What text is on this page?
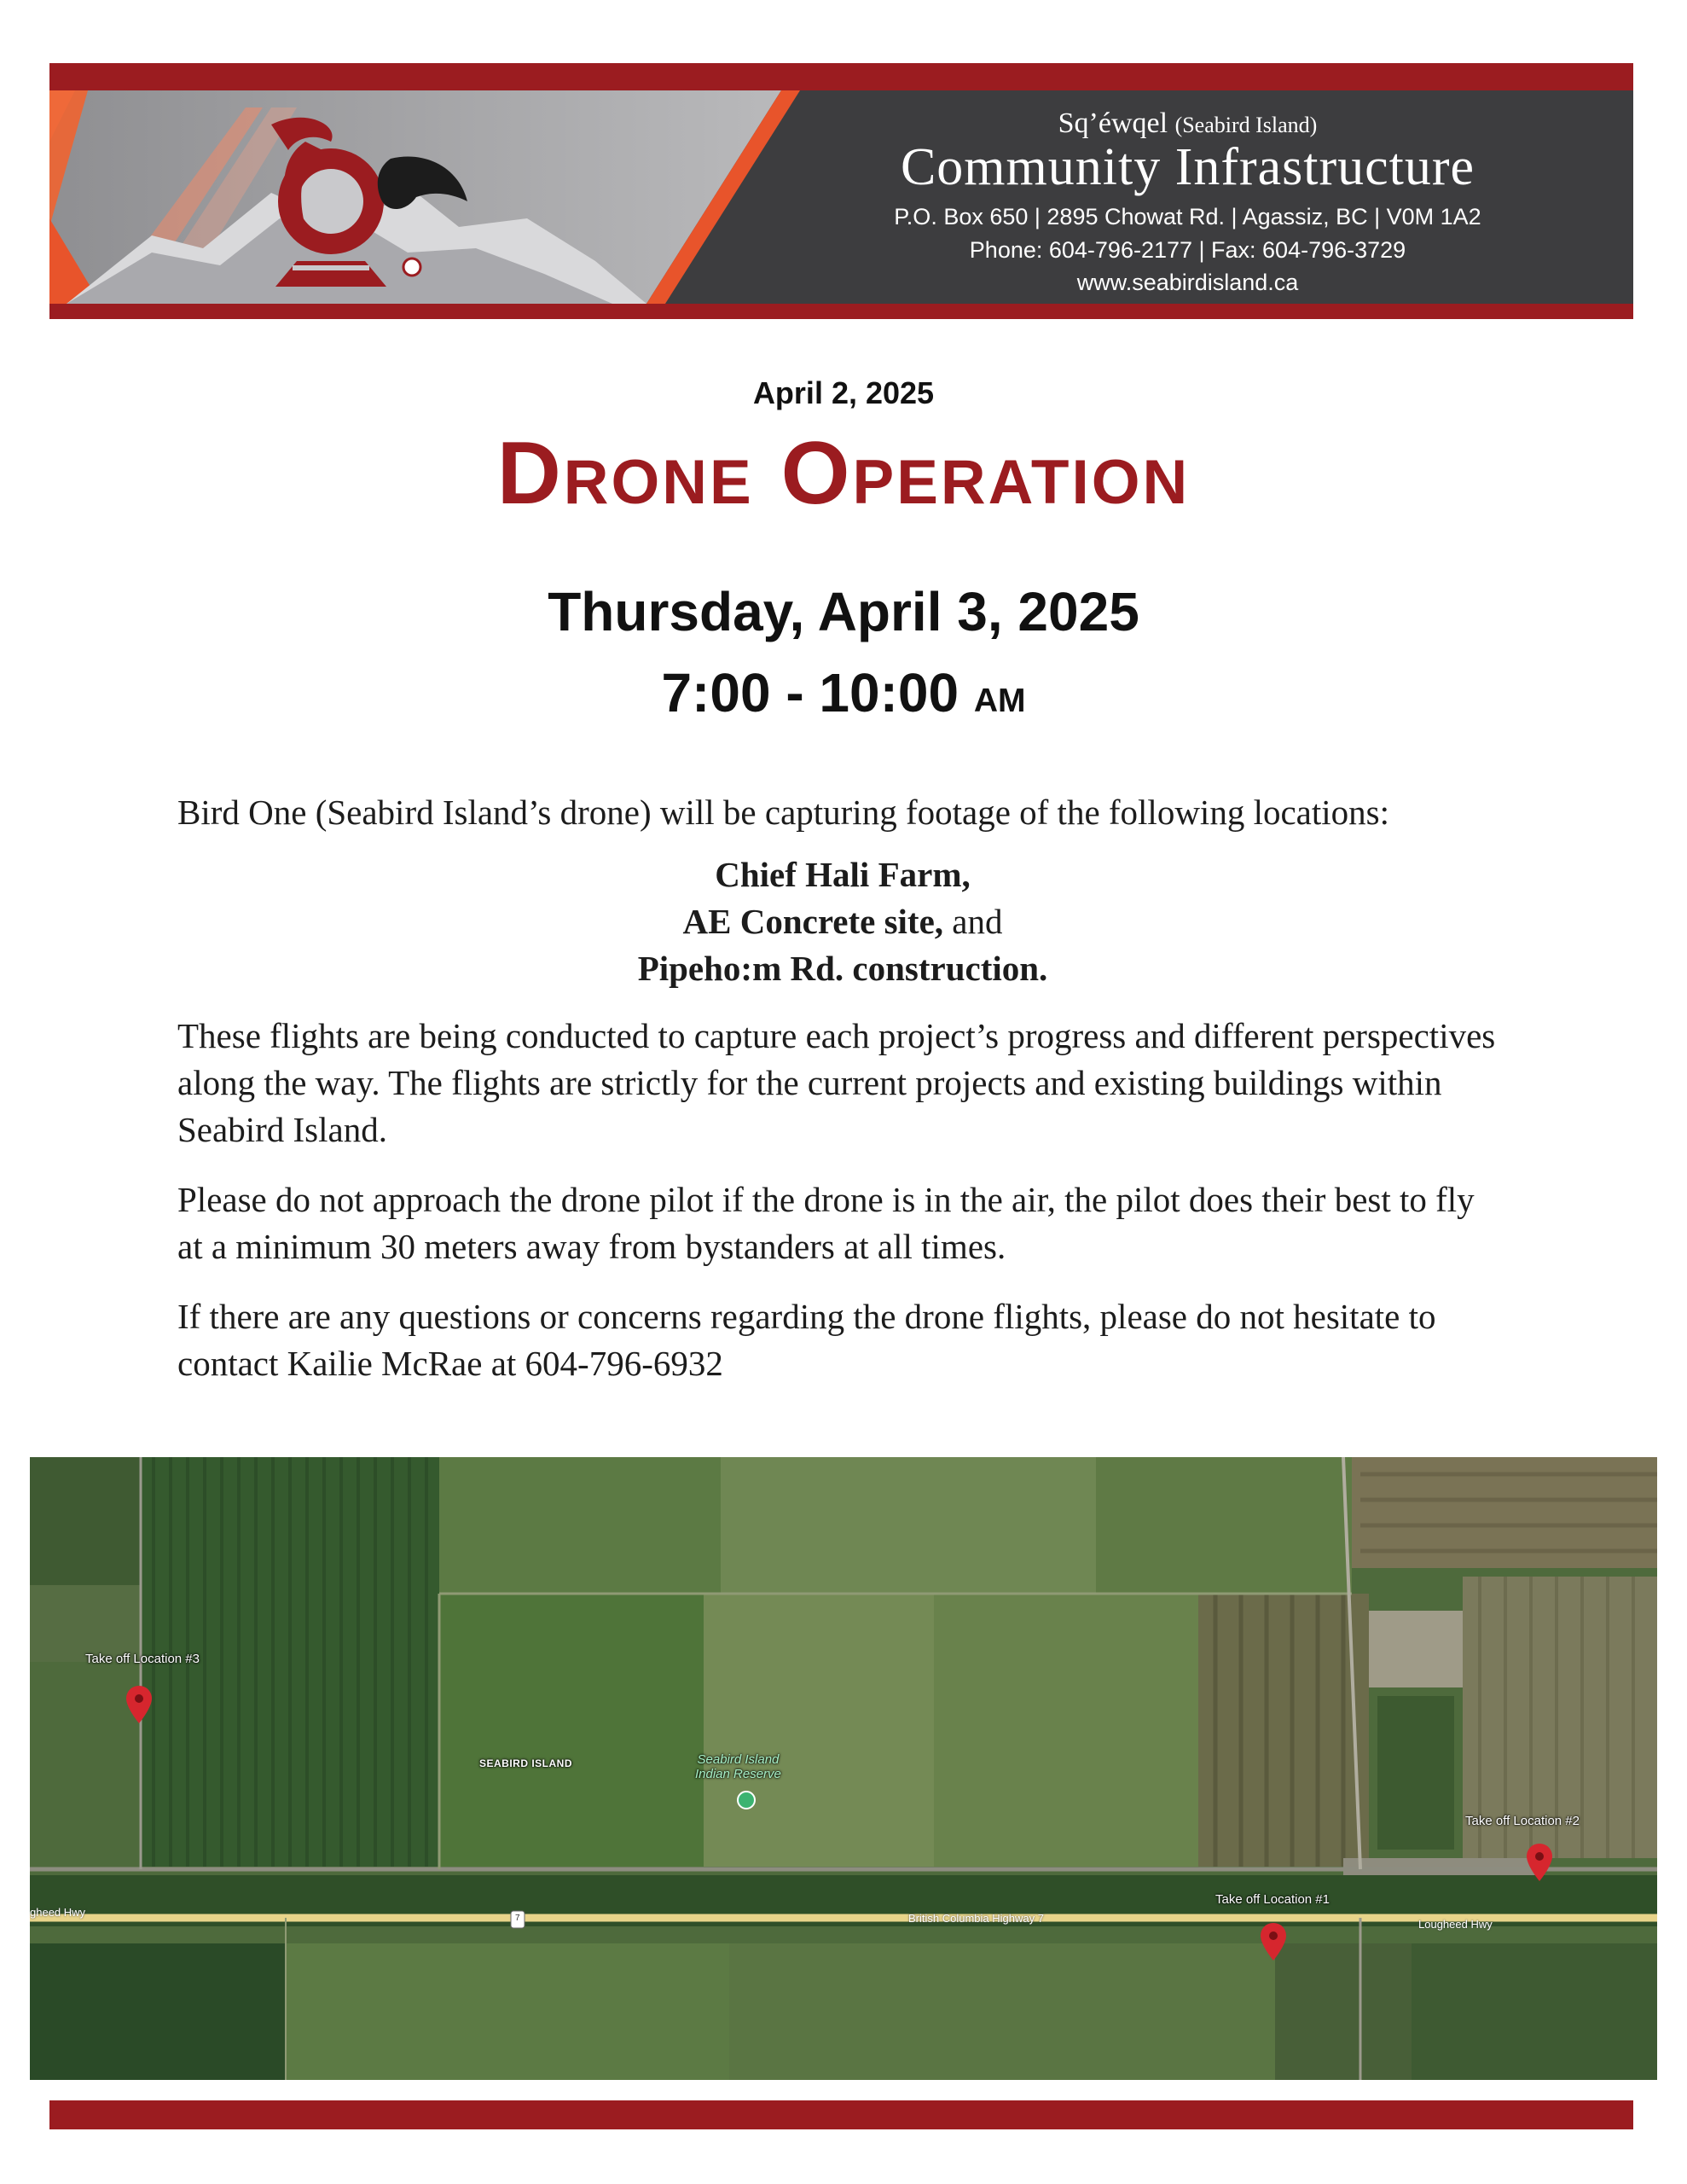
Sq’éwqel (Seabird Island)
Community Infrastructure
P.O. Box 650 | 2895 Chowat Rd. | Agassiz, BC | V0M 1A2
Phone: 604-796-2177 | Fax: 604-796-3729
www.seabirdisland.ca
April 2, 2025
Drone Operation
Thursday, April 3, 2025
7:00 - 10:00 am

Bird One (Seabird Island’s drone) will be capturing footage of the following locations:

Chief Hali Farm,
AE Concrete site, and
Pipeho:m Rd. construction.

These flights are being conducted to capture each project’s progress and different perspectives along the way. The flights are strictly for the current projects and existing buildings within Seabird Island.

Please do not approach the drone pilot if the drone is in the air, the pilot does their best to fly at a minimum 30 meters away from bystanders at all times.

If there are any questions or concerns regarding the drone flights, please do not hesitate to contact Kailie McRae at 604-796-6932

Take off Location #3
Take off Location #2
Take off Location #1
SEABIRD ISLAND	Seabird Island
Indian Reserve
gheed Hwy	British Columbia Highway 7	Lougheed Hwy
7
